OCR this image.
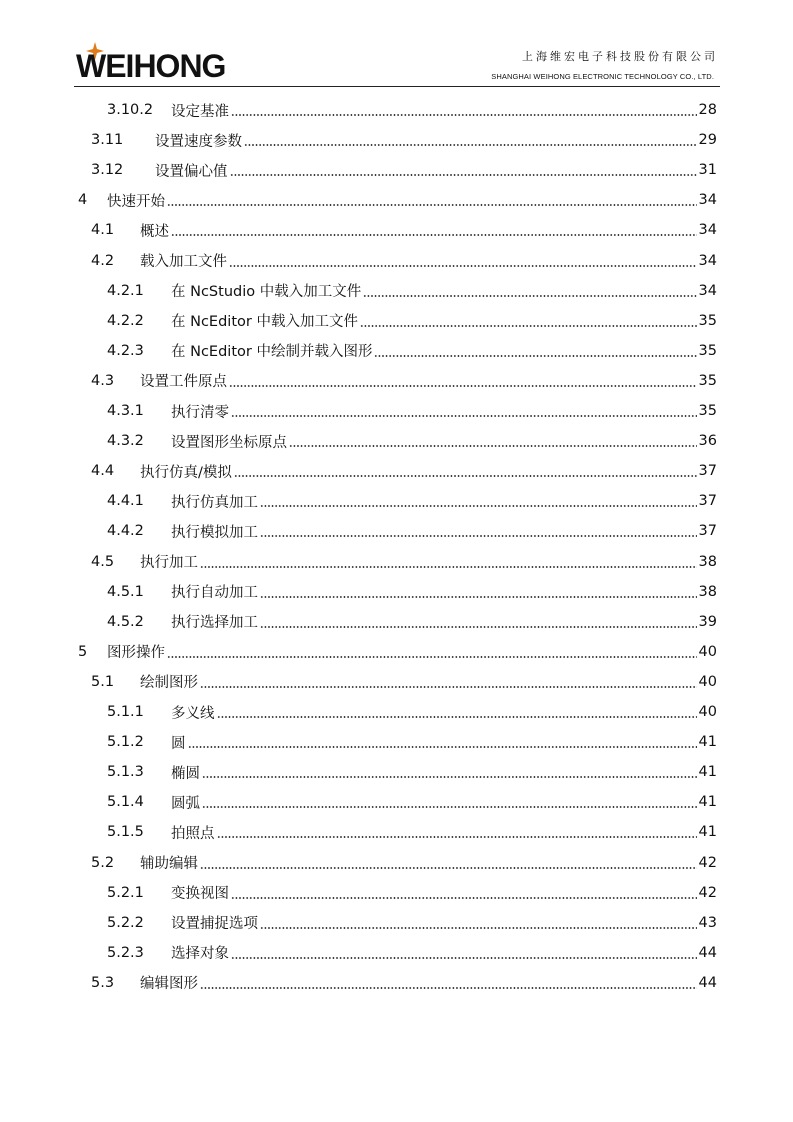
WEIHONG	上海维宏电子科技股份有限公司
SHANGHAI WEIHONG ELECTRONIC TECHNOLOGY CO., LTD.
3.10.2	设定基准	28
3.11	设置速度参数	29
3.12	设置偏心值	31
4	快速开始	34
4.1	概述	34
4.2	载入加工文件	34
4.2.1	在 NcStudio 中载入加工文件	34
4.2.2	在 NcEditor 中载入加工文件	35
4.2.3	在 NcEditor 中绘制并载入图形	35
4.3	设置工件原点	35
4.3.1	执行清零	35
4.3.2	设置图形坐标原点	36
4.4	执行仿真/模拟	37
4.4.1	执行仿真加工	37
4.4.2	执行模拟加工	37
4.5	执行加工	38
4.5.1	执行自动加工	38
4.5.2	执行选择加工	39
5	图形操作	40
5.1	绘制图形	40
5.1.1	多义线	40
5.1.2	圆	41
5.1.3	椭圆	41
5.1.4	圆弧	41
5.1.5	拍照点	41
5.2	辅助编辑	42
5.2.1	变换视图	42
5.2.2	设置捕捉选项	43
5.2.3	选择对象	44
5.3	编辑图形	44
